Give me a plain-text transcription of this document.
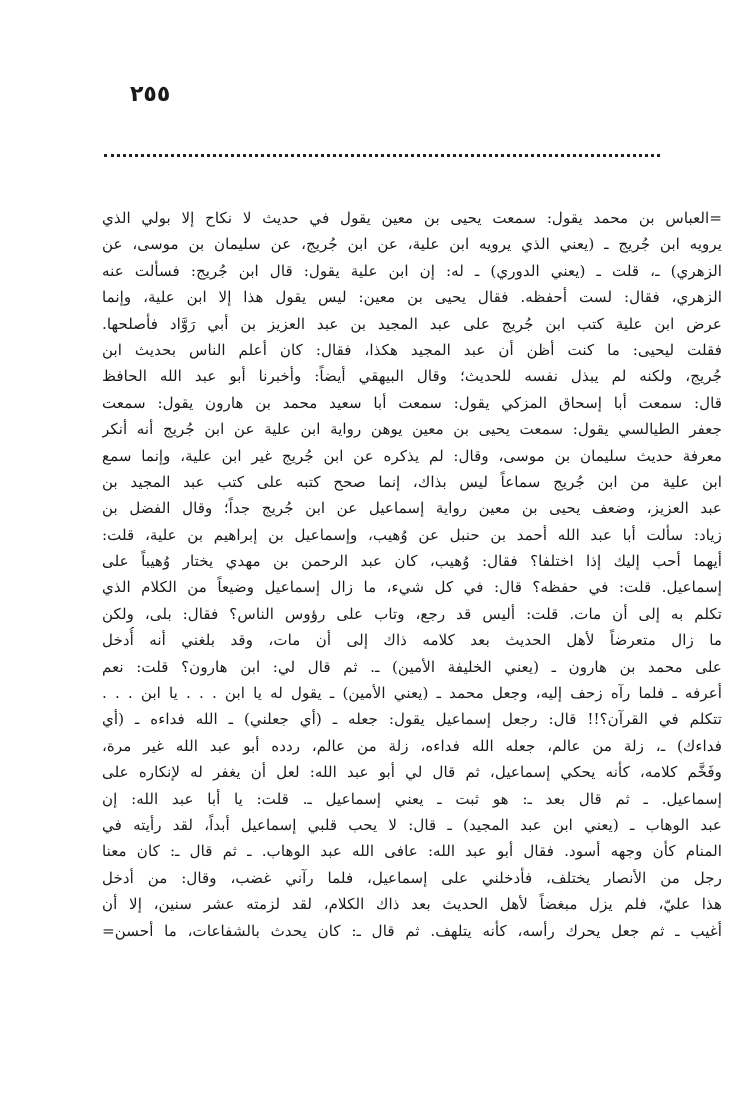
٢٥٥
=العباس بن محمد يقول: سمعت يحيى بن معين يقول في حديث لا نكاح إلا بولي الذي
يرويه ابن جُريج ـ (يعني الذي يرويه ابن علية، عن ابن جُريج، عن سليمان بن موسى، عن
الزهري) ـ، قلت ـ (يعني الدوري) ـ له: إن ابن علية يقول: قال ابن جُريج: فسألت عنه
الزهري، فقال: لست أحفظه. فقال يحيى بن معين: ليس يقول هذا إلا ابن علية، وإنما
عرض ابن علية كتب ابن جُريج على عبد المجيد بن عبد العزيز بن أبي رَوَّاد فأصلحها.
فقلت ليحيى: ما كنت أظن أن عبد المجيد هكذا، فقال: كان أعلم الناس بحديث ابن
جُريج، ولكنه لم يبذل نفسه للحديث؛ وقال البيهقي أيضاً: وأخبرنا أبو عبد الله الحافظ
قال: سمعت أبا إسحاق المزكي يقول: سمعت أبا سعيد محمد بن هارون يقول: سمعت
جعفر الطيالسي يقول: سمعت يحيى بن معين يوهن رواية ابن علية عن ابن جُريج أنه أنكر
معرفة حديث سليمان بن موسى، وقال: لم يذكره عن ابن جُريج غير ابن علية، وإنما سمع
ابن علية من ابن جُريج سماعاً ليس بذاك، إنما صحح كتبه على كتب عبد المجيد بن
عبد العزيز، وضعف يحيى بن معين رواية إسماعيل عن ابن جُريج جداً؛ وقال الفضل بن
زياد: سألت أبا عبد الله أحمد بن حنبل عن وُهيب، وإسماعيل بن إبراهيم بن علية، قلت:
أيهما أحب إليك إذا اختلفا؟ فقال: وُهيب، كان عبد الرحمن بن مهدي يختار وُهيباً على
إسماعيل. قلت: في حفظه؟ قال: في كل شيء، ما زال إسماعيل وضيعاً من الكلام الذي
تكلم به إلى أن مات. قلت: أليس قد رجع، وتاب على رؤوس الناس؟ فقال: بلى، ولكن
ما زال متعرضاً لأهل الحديث بعد كلامه ذاك إلى أن مات، وقد بلغني أنه أُدخل
على محمد بن هارون ـ (يعني الخليفة الأمين) ـ. ثم قال لي: ابن هارون؟ قلت: نعم
أعرفه ـ فلما رآه زحف إليه، وجعل محمد ـ (يعني الأمين) ـ يقول له يا ابن . . . يا ابن . . .
تتكلم في القرآن؟!! قال: رجعل إسماعيل يقول: جعله ـ (أي جعلني) ـ الله فداءه ـ (أي
فداءك) ـ، زلة من عالم، جعله الله فداءه، زلة من عالم، ردده أبو عبد الله غير مرة،
وفَخَّم كلامه، كأنه يحكي إسماعيل، ثم قال لي أبو عبد الله: لعل أن يغفر له لإنكاره على
إسماعيل. ـ ثم قال بعد ـ: هو ثبت ـ يعني إسماعيل ـ. قلت: يا أبا عبد الله: إن
عبد الوهاب ـ (يعني ابن عبد المجيد) ـ قال: لا يحب قلبي إسماعيل أبداً، لقد رأيته في
المنام كأن وجهه أسود. فقال أبو عبد الله: عافى الله عبد الوهاب. ـ ثم قال ـ: كان معنا
رجل من الأنصار يختلف، فأدخلني على إسماعيل، فلما رآني غضب، وقال: من أدخل
هذا عليّ، فلم يزل مبغضاً لأهل الحديث بعد ذاك الكلام، لقد لزمته عشر سنين، إلا أن
أغيب ـ ثم جعل يحرك رأسه، كأنه يتلهف. ثم قال ـ: كان يحدث بالشفاعات، ما أحسن=
